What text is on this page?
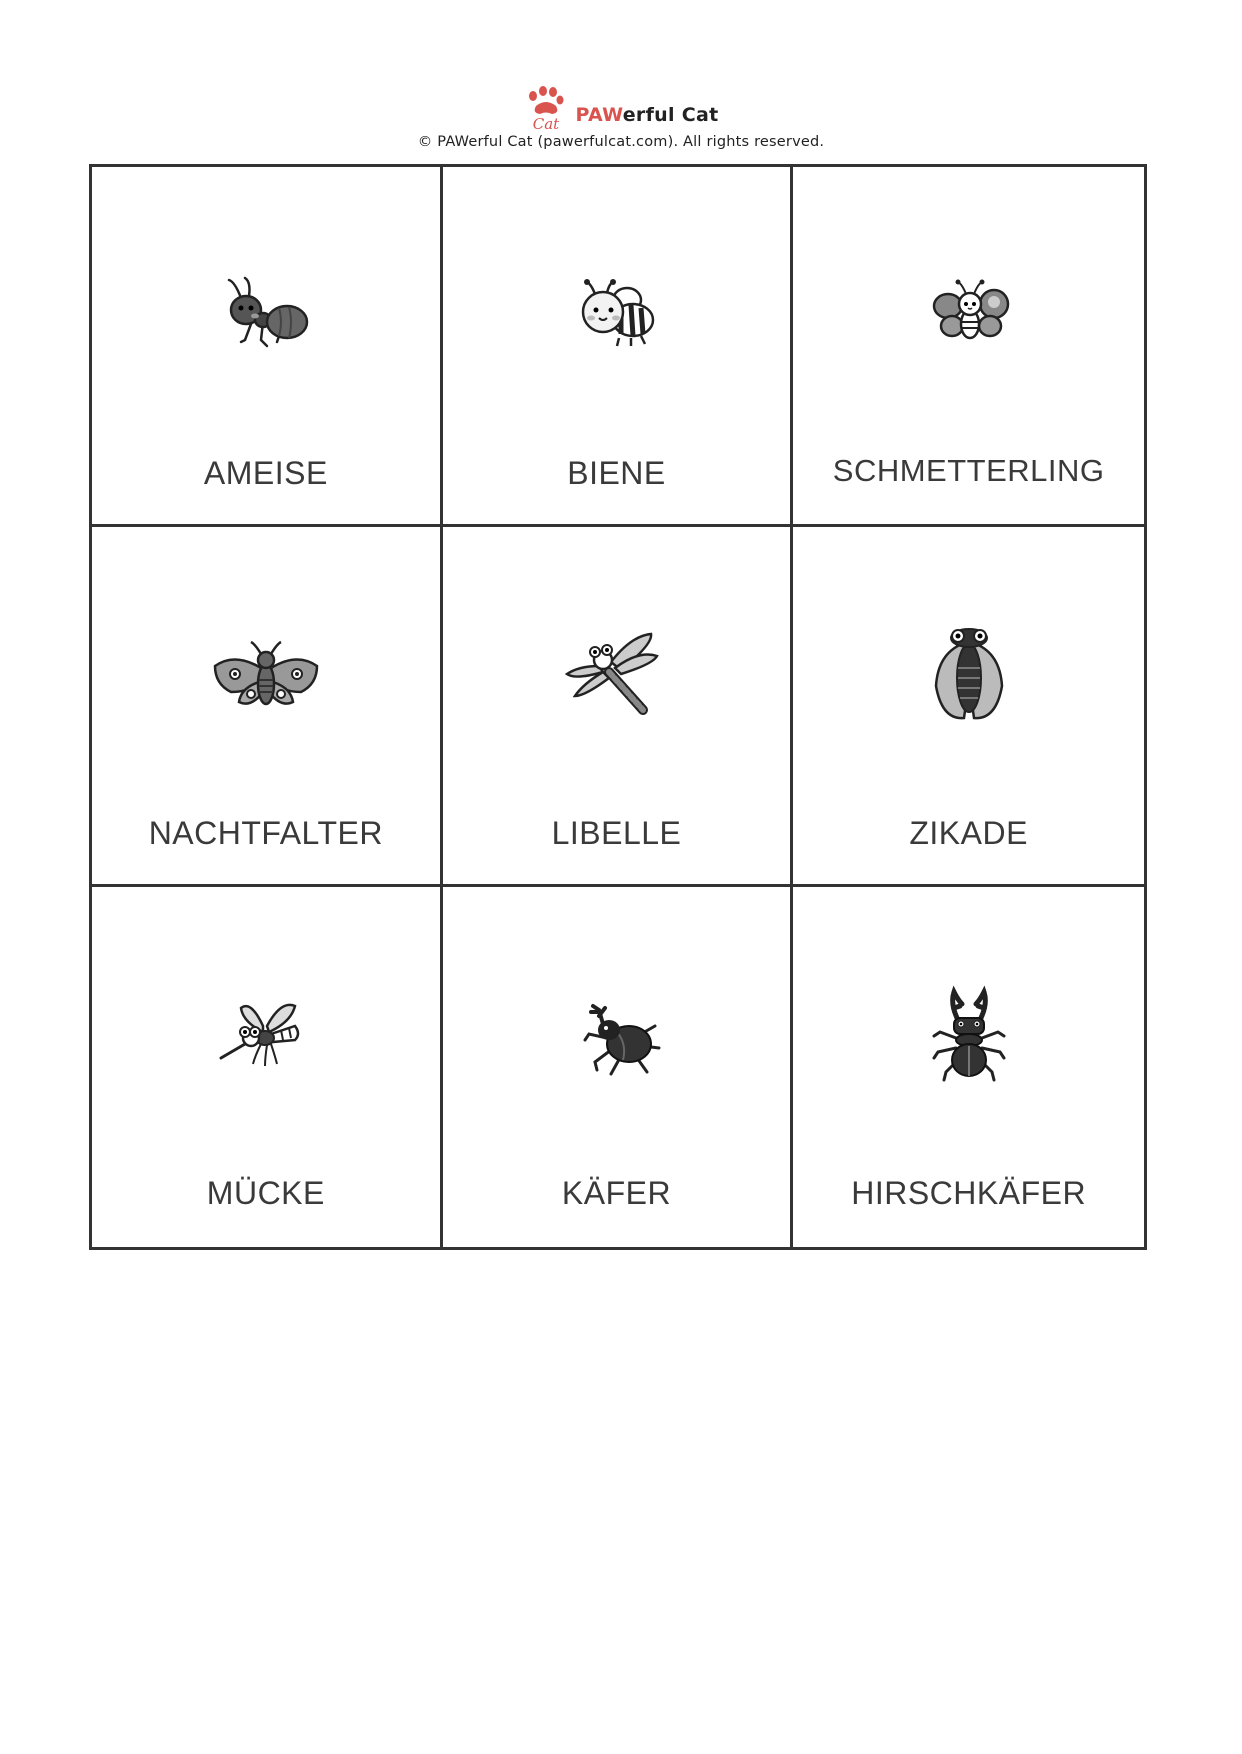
Cat PAWerful Cat
© PAWerful Cat (pawerfulcat.com). All rights reserved.
AMEISE	BIENE	SCHMETTERLING
NACHTFALTER	LIBELLE	ZIKADE
MÜCKE	KÄFER	HIRSCHKÄFER
